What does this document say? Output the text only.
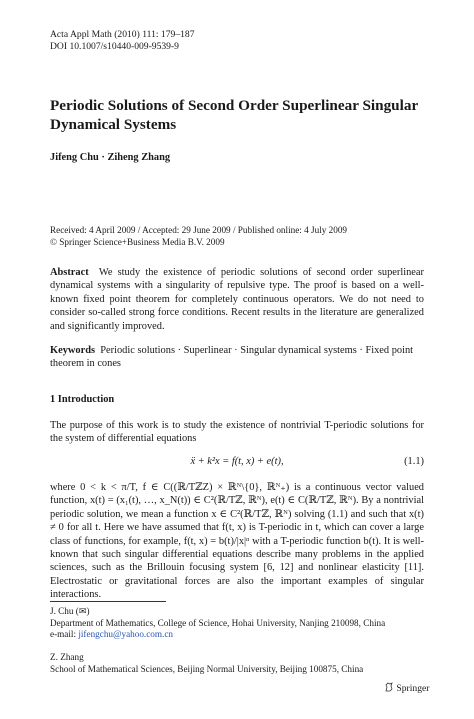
Acta Appl Math (2010) 111: 179–187
DOI 10.1007/s10440-009-9539-9
Periodic Solutions of Second Order Superlinear Singular
Dynamical Systems
Jifeng Chu · Ziheng Zhang
Received: 4 April 2009 / Accepted: 29 June 2009 / Published online: 4 July 2009
© Springer Science+Business Media B.V. 2009
Abstract We study the existence of periodic solutions of second order superlinear dynamical systems with a singularity of repulsive type. The proof is based on a well-known fixed point theorem for completely continuous operators. We do not need to consider so-called strong force conditions. Recent results in the literature are generalized and significantly improved.
Keywords Periodic solutions · Superlinear · Singular dynamical systems · Fixed point theorem in cones
1 Introduction
The purpose of this work is to study the existence of nontrivial T-periodic solutions for the system of differential equations
ẍ + k²x = f(t, x) + e(t),	(1.1)
where 0 < k < π/T, f ∈ C((ℝ/TℤZ) × ℝᴺ\{0}, ℝᴺ₊) is a continuous vector valued function, x(t) = (x₁(t), …, x_N(t)) ∈ C²(ℝ/Tℤ, ℝᴺ), e(t) ∈ C(ℝ/Tℤ, ℝᴺ). By a nontrivial periodic solution, we mean a function x ∈ C²(ℝ/Tℤ, ℝᴺ) solving (1.1) and such that x(t) ≠ 0 for all t. Here we have assumed that f(t, x) is T-periodic in t, which can cover a large class of functions, for example, f(t, x) = b(t)/|x|ᵅ with a T-periodic function b(t). It is well-known that such singular differential equations describe many problems in the applied sciences, such as the Brillouin focusing system [6, 12] and nonlinear elasticity [11]. Electrostatic or gravitational forces are also the important examples of singular interactions.
J. Chu (✉)
Department of Mathematics, College of Science, Hohai University, Nanjing 210098, China
e-mail: jifengchu@yahoo.com.cn
Z. Zhang
School of Mathematical Sciences, Beijing Normal University, Beijing 100875, China
Springer
